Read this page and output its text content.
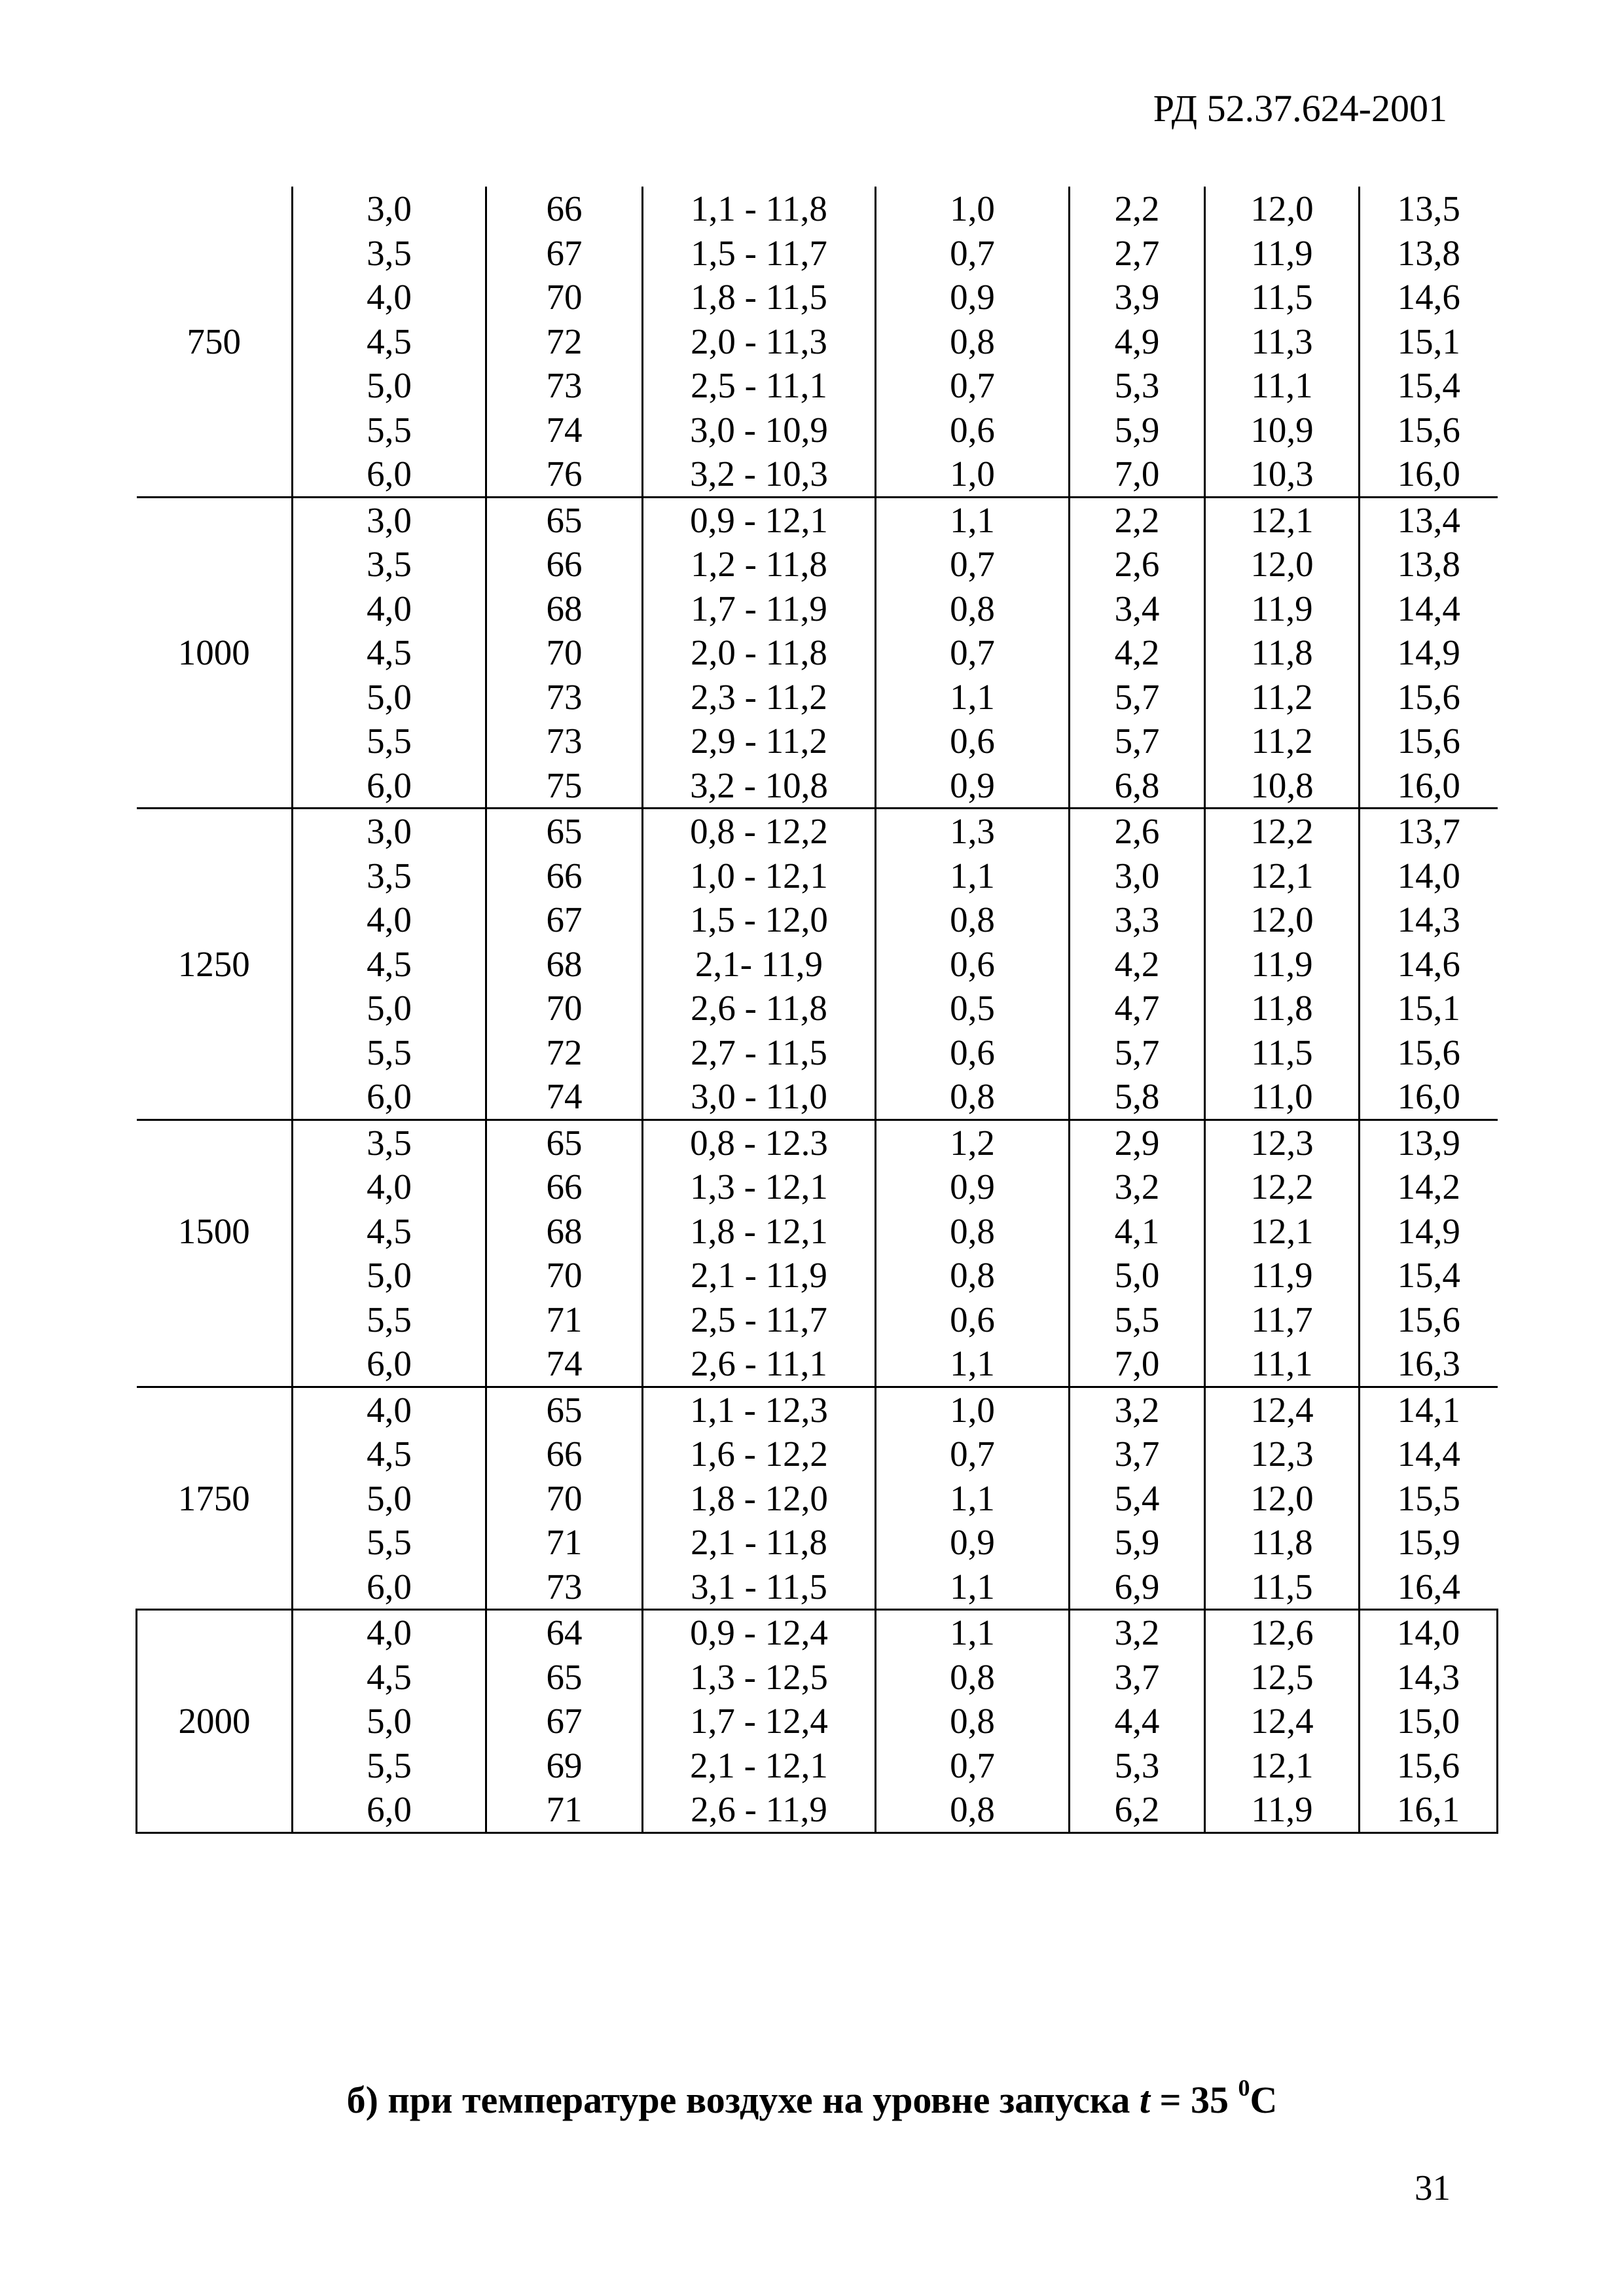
РД 52.37.624-2001
	3,0	66	1,1 - 11,8	1,0	2,2	12,0	13,5
	3,5	67	1,5 - 11,7	0,7	2,7	11,9	13,8
	4,0	70	1,8 - 11,5	0,9	3,9	11,5	14,6
750	4,5	72	2,0 - 11,3	0,8	4,9	11,3	15,1
	5,0	73	2,5 - 11,1	0,7	5,3	11,1	15,4
	5,5	74	3,0 - 10,9	0,6	5,9	10,9	15,6
	6,0	76	3,2 - 10,3	1,0	7,0	10,3	16,0
	3,0	65	0,9 - 12,1	1,1	2,2	12,1	13,4
	3,5	66	1,2 - 11,8	0,7	2,6	12,0	13,8
	4,0	68	1,7 - 11,9	0,8	3,4	11,9	14,4
1000	4,5	70	2,0 - 11,8	0,7	4,2	11,8	14,9
	5,0	73	2,3 - 11,2	1,1	5,7	11,2	15,6
	5,5	73	2,9 - 11,2	0,6	5,7	11,2	15,6
	6,0	75	3,2 - 10,8	0,9	6,8	10,8	16,0
	3,0	65	0,8 - 12,2	1,3	2,6	12,2	13,7
	3,5	66	1,0 - 12,1	1,1	3,0	12,1	14,0
	4,0	67	1,5 - 12,0	0,8	3,3	12,0	14,3
1250	4,5	68	2,1- 11,9	0,6	4,2	11,9	14,6
	5,0	70	2,6 - 11,8	0,5	4,7	11,8	15,1
	5,5	72	2,7 - 11,5	0,6	5,7	11,5	15,6
	6,0	74	3,0 - 11,0	0,8	5,8	11,0	16,0
	3,5	65	0,8 - 12.3	1,2	2,9	12,3	13,9
	4,0	66	1,3 - 12,1	0,9	3,2	12,2	14,2
1500	4,5	68	1,8 - 12,1	0,8	4,1	12,1	14,9
	5,0	70	2,1 - 11,9	0,8	5,0	11,9	15,4
	5,5	71	2,5 - 11,7	0,6	5,5	11,7	15,6
	6,0	74	2,6 - 11,1	1,1	7,0	11,1	16,3
	4,0	65	1,1 - 12,3	1,0	3,2	12,4	14,1
	4,5	66	1,6 - 12,2	0,7	3,7	12,3	14,4
1750	5,0	70	1,8 - 12,0	1,1	5,4	12,0	15,5
	5,5	71	2,1 - 11,8	0,9	5,9	11,8	15,9
	6,0	73	3,1 - 11,5	1,1	6,9	11,5	16,4
	4,0	64	0,9 - 12,4	1,1	3,2	12,6	14,0
	4,5	65	1,3 - 12,5	0,8	3,7	12,5	14,3
2000	5,0	67	1,7 - 12,4	0,8	4,4	12,4	15,0
	5,5	69	2,1 - 12,1	0,7	5,3	12,1	15,6
	6,0	71	2,6 - 11,9	0,8	6,2	11,9	16,1
б) при температуре воздухе на уровне запуска t = 35 $^0$С
31
